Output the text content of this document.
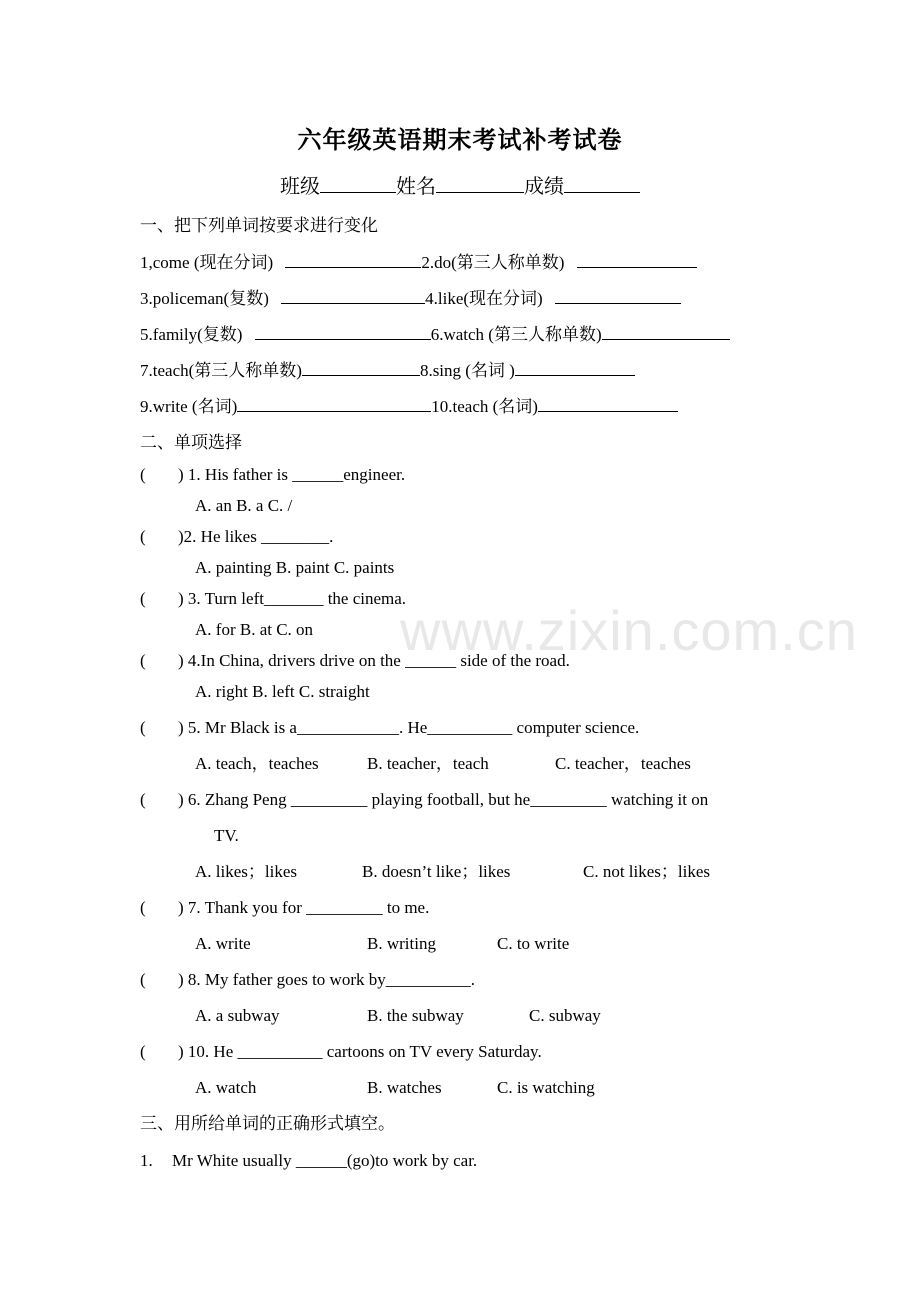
六年级英语期末考试补考试卷
班级	姓名	成绩
一、把下列单词按要求进行变化
1,come (现在分词)	2.do(第三人称单数)
3.policeman(复数)	4.like(现在分词)
5.family(复数)	6.watch (第三人称单数)
7.teach(第三人称单数)	8.sing (名词 )
9.write (名词)	10.teach (名词)
二、单项选择
( ) 1. His father is ______engineer.
A. an B. a C. /
( )2. He likes ________.
A. painting B. paint C. paints
( ) 3. Turn left_______ the cinema.
A. for B. at C. on
( ) 4.In China, drivers drive on the ______ side of the road.
A. right B. left C. straight
( ) 5. Mr Black is a____________. He__________ computer science.
A. teach，teaches	B. teacher，teach	C. teacher，teaches
( ) 6. Zhang Peng _________ playing football, but he_________ watching it on
TV.
A. likes；likes	B. doesn’t like；likes	C. not likes；likes
( ) 7. Thank you for _________ to me.
A. write	B. writing	C. to write
( ) 8. My father goes to work by__________.
A. a subway	B. the subway	C. subway
( ) 10. He __________ cartoons on TV every Saturday.
A. watch	B. watches	C. is watching
三、用所给单词的正确形式填空。
1. Mr White usually ______(go)to work by car.
www.zixin.com.cn
